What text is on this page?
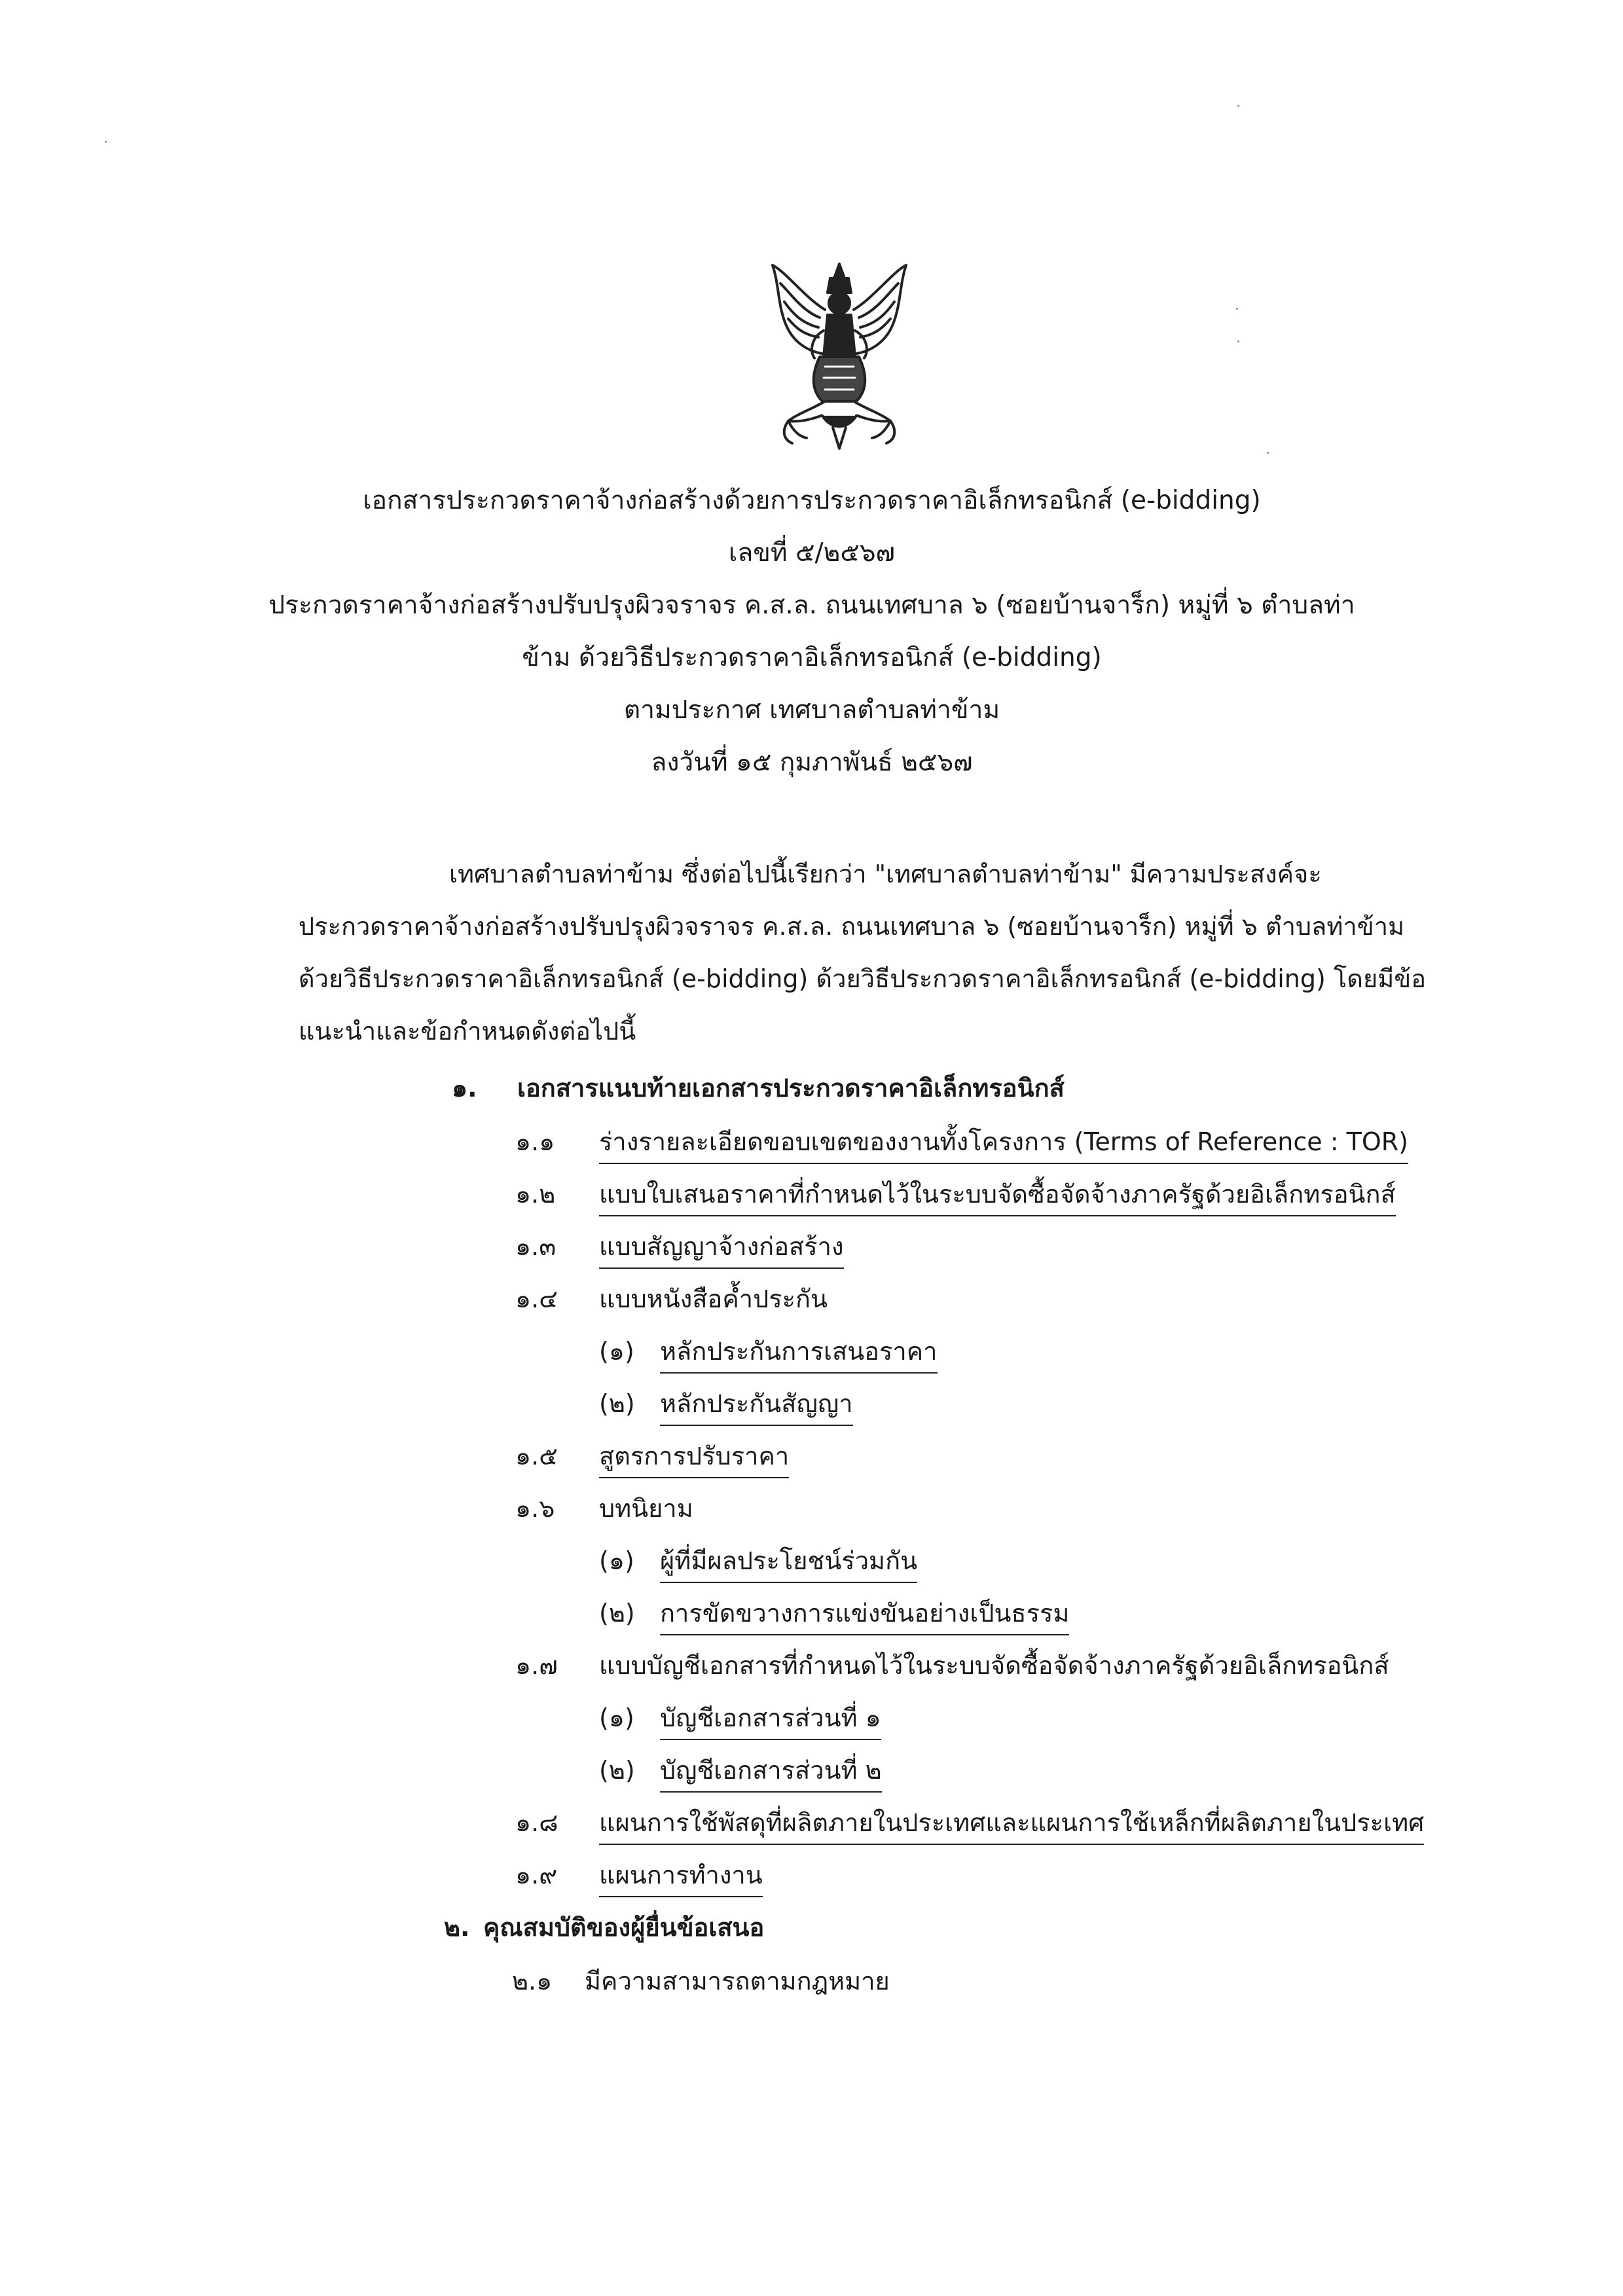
เอกสารประกวดราคาจ้างก่อสร้างด้วยการประกวดราคาอิเล็กทรอนิกส์ (e-bidding)
เลขที่ ๕/๒๕๖๗
ประกวดราคาจ้างก่อสร้างปรับปรุงผิวจราจร ค.ส.ล. ถนนเทศบาล ๖ (ซอยบ้านจาร็ก) หมู่ที่ ๖ ตำบลท่า
ข้าม ด้วยวิธีประกวดราคาอิเล็กทรอนิกส์ (e-bidding)
ตามประกาศ เทศบาลตำบลท่าข้าม
ลงวันที่ ๑๕ กุมภาพันธ์ ๒๕๖๗

เทศบาลตำบลท่าข้าม ซึ่งต่อไปนี้เรียกว่า "เทศบาลตำบลท่าข้าม" มีความประสงค์จะ

ประกวดราคาจ้างก่อสร้างปรับปรุงผิวจราจร ค.ส.ล. ถนนเทศบาล ๖ (ซอยบ้านจาร็ก) หมู่ที่ ๖ ตำบลท่าข้าม

ด้วยวิธีประกวดราคาอิเล็กทรอนิกส์ (e-bidding) ด้วยวิธีประกวดราคาอิเล็กทรอนิกส์ (e-bidding) โดยมีข้อ

แนะนำและข้อกำหนดดังต่อไปนี้

๑. เอกสารแนบท้ายเอกสารประกวดราคาอิเล็กทรอนิกส์
๑.๑ ร่างรายละเอียดขอบเขตของงานทั้งโครงการ (Terms of Reference : TOR)
๑.๒ แบบใบเสนอราคาที่กำหนดไว้ในระบบจัดซื้อจัดจ้างภาครัฐด้วยอิเล็กทรอนิกส์
๑.๓ แบบสัญญาจ้างก่อสร้าง
๑.๔ แบบหนังสือค้ำประกัน
(๑) หลักประกันการเสนอราคา
(๒) หลักประกันสัญญา
๑.๕ สูตรการปรับราคา
๑.๖ บทนิยาม
(๑) ผู้ที่มีผลประโยชน์ร่วมกัน
(๒) การขัดขวางการแข่งขันอย่างเป็นธรรม
๑.๗ แบบบัญชีเอกสารที่กำหนดไว้ในระบบจัดซื้อจัดจ้างภาครัฐด้วยอิเล็กทรอนิกส์
(๑) บัญชีเอกสารส่วนที่ ๑
(๒) บัญชีเอกสารส่วนที่ ๒
๑.๘ แผนการใช้พัสดุที่ผลิตภายในประเทศและแผนการใช้เหล็กที่ผลิตภายในประเทศ
๑.๙ แผนการทำงาน
๒. คุณสมบัติของผู้ยื่นข้อเสนอ
๒.๑ มีความสามารถตามกฎหมาย
